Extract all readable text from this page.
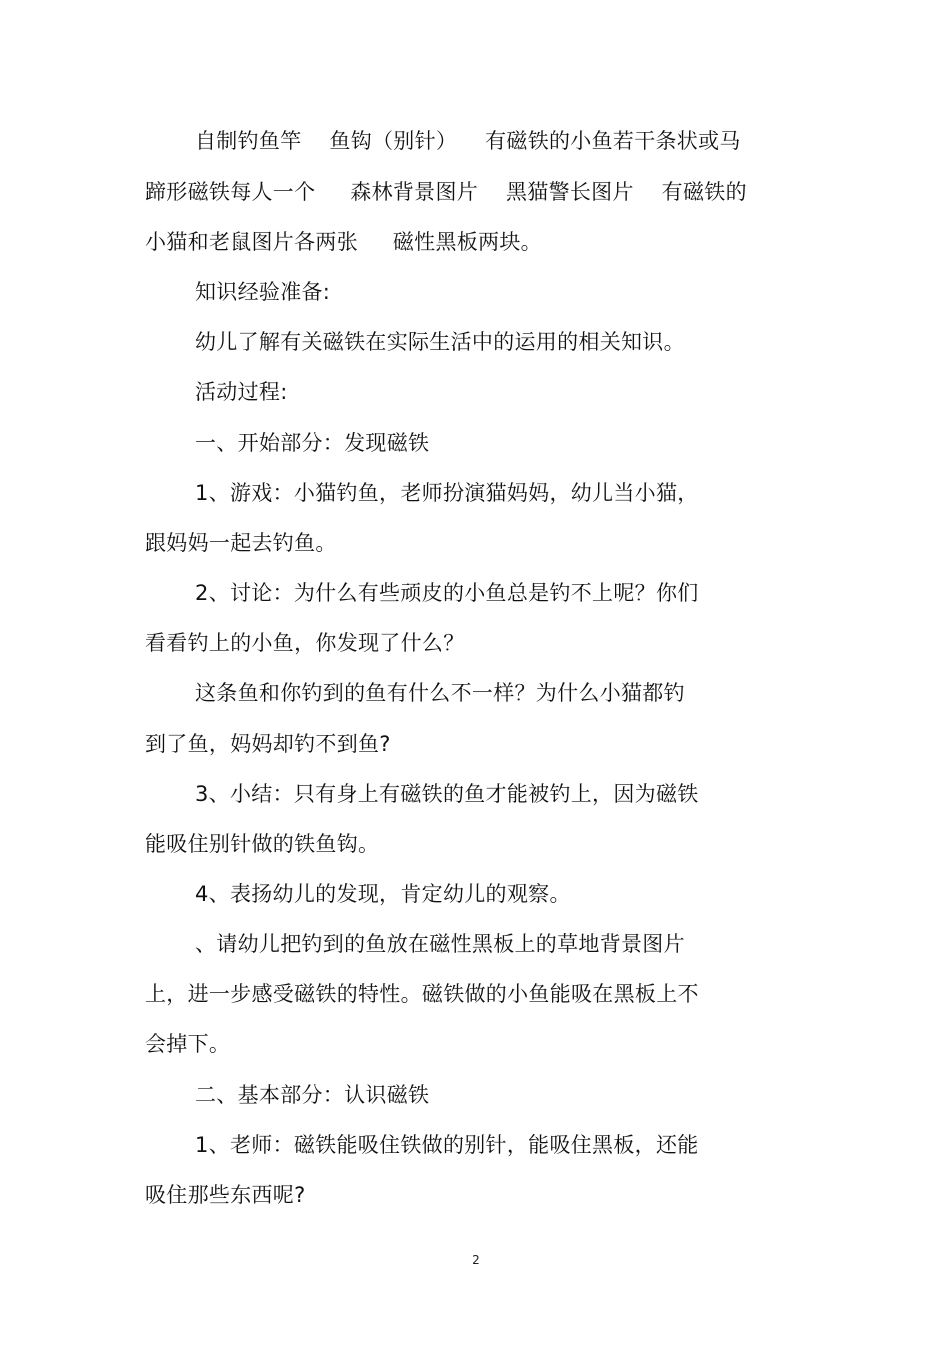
自制钓鱼竿    鱼钩（别针）    有磁铁的小鱼若干条状或马
蹄形磁铁每人一个     森林背景图片    黑猫警长图片    有磁铁的
小猫和老鼠图片各两张     磁性黑板两块。
知识经验准备:
幼儿了解有关磁铁在实际生活中的运用的相关知识。
活动过程:
一、开始部分：发现磁铁
1、游戏：小猫钓鱼，老师扮演猫妈妈，幼儿当小猫，
跟妈妈一起去钓鱼。
2、讨论：为什么有些顽皮的小鱼总是钓不上呢？你们
看看钓上的小鱼，你发现了什么？
这条鱼和你钓到的鱼有什么不一样？为什么小猫都钓
到了鱼，妈妈却钓不到鱼?
3、小结：只有身上有磁铁的鱼才能被钓上，因为磁铁
能吸住别针做的铁鱼钩。
4、表扬幼儿的发现，肯定幼儿的观察。
、请幼儿把钓到的鱼放在磁性黑板上的草地背景图片
上，进一步感受磁铁的特性。磁铁做的小鱼能吸在黑板上不
会掉下。
二、基本部分：认识磁铁
1、老师：磁铁能吸住铁做的别针，能吸住黑板，还能
吸住那些东西呢?
2
